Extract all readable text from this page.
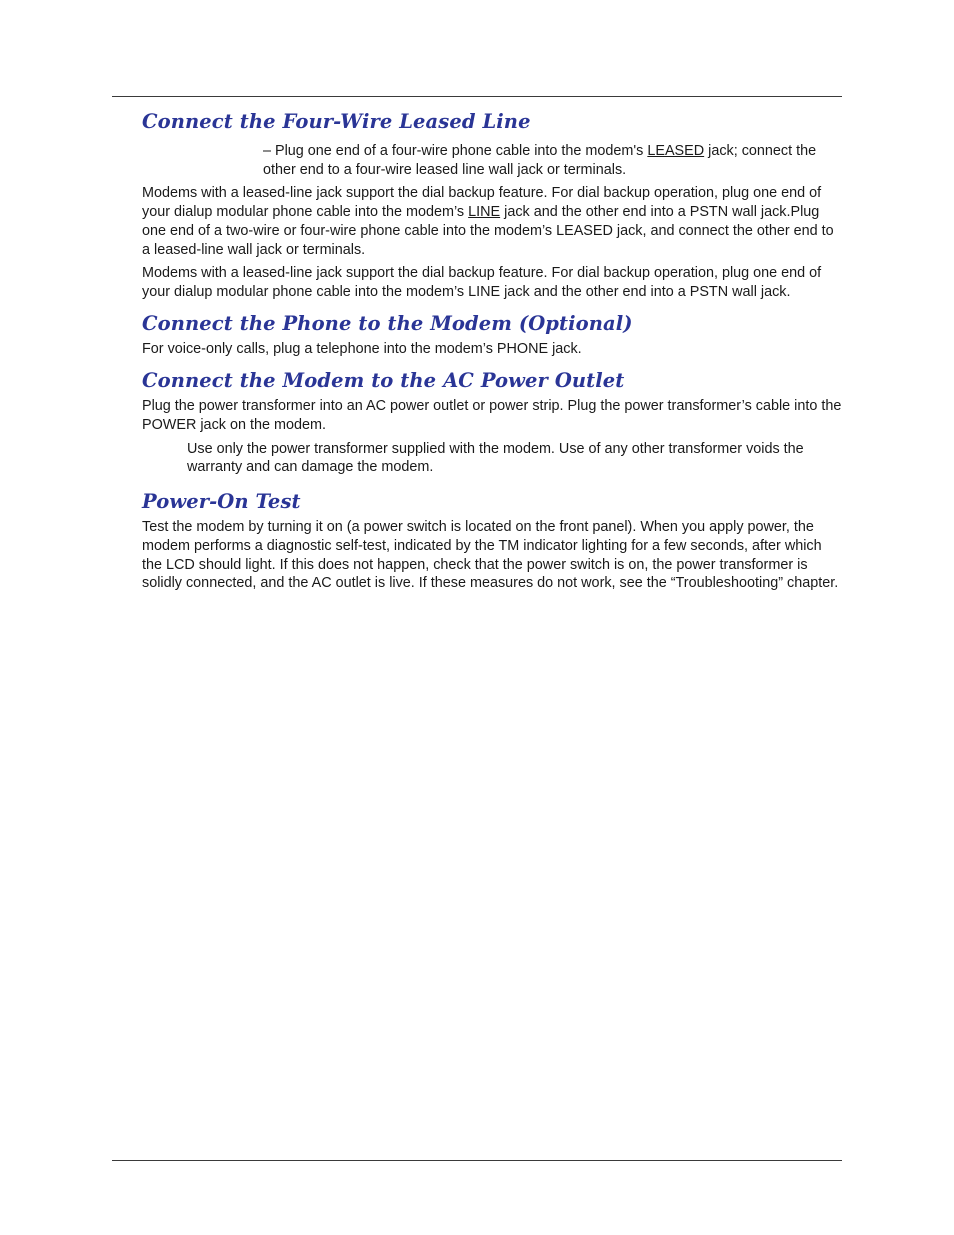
Connect the Four-Wire Leased Line

– Plug one end of a four-wire phone cable into the modem's LEASED jack; connect the other end to a four-wire leased line wall jack or terminals.

Modems with a leased-line jack support the dial backup feature. For dial backup operation, plug one end of your dialup modular phone cable into the modem’s LINE jack and the other end into a PSTN wall jack.Plug one end of a two-wire or four-wire phone cable into the modem’s LEASED jack, and connect the other end to a leased-line wall jack or terminals.

Modems with a leased-line jack support the dial backup feature. For dial backup operation, plug one end of your dialup modular phone cable into the modem’s LINE jack and the other end into a PSTN wall jack.

Connect the Phone to the Modem (Optional)

For voice-only calls, plug a telephone into the modem’s PHONE jack.

Connect the Modem to the AC Power Outlet

Plug the power transformer into an AC power outlet or power strip. Plug the power transformer’s cable into the POWER jack on the modem.

Use only the power transformer supplied with the modem. Use of any other transformer voids the warranty and can damage the modem.

Power-On Test

Test the modem by turning it on (a power switch is located on the front panel). When you apply power, the modem performs a diagnostic self-test, indicated by the TM indicator lighting for a few seconds, after which the LCD should light. If this does not happen, check that the power switch is on, the power transformer is solidly connected, and the AC outlet is live. If these measures do not work, see the “Troubleshooting” chapter.
